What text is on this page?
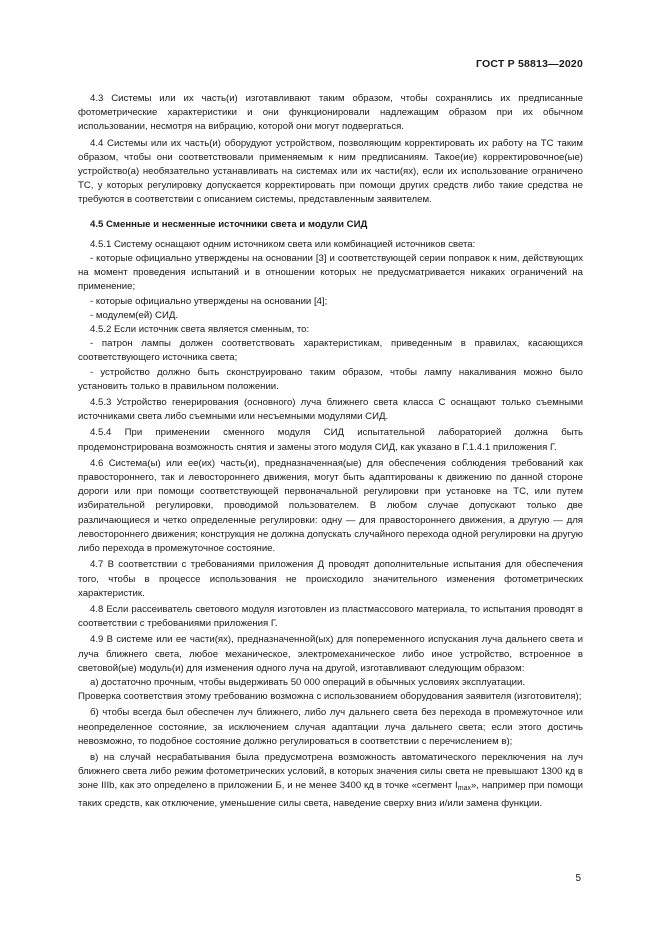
ГОСТ Р 58813—2020

4.3 Системы или их часть(и) изготавливают таким образом, чтобы сохранялись их предписанные фотометрические характеристики и они функционировали надлежащим образом при их обычном использовании, несмотря на вибрацию, которой они могут подвергаться.

4.4 Системы или их часть(и) оборудуют устройством, позволяющим корректировать их работу на ТС таким образом, чтобы они соответствовали применяемым к ним предписаниям. Такое(ие) корректировочное(ые) устройство(а) необязательно устанавливать на системах или их части(ях), если их использование ограничено ТС, у которых регулировку допускается корректировать при помощи других средств либо такие средства не требуются в соответствии с описанием системы, представленным заявителем.

4.5 Сменные и несменные источники света и модули СИД

4.5.1 Систему оснащают одним источником света или комбинацией источников света:

- которые официально утверждены на основании [3] и соответствующей серии поправок к ним, действующих на момент проведения испытаний и в отношении которых не предусматривается никаких ограничений на применение;

- которые официально утверждены на основании [4];

- модулем(ей) СИД.

4.5.2 Если источник света является сменным, то:

- патрон лампы должен соответствовать характеристикам, приведенным в правилах, касающихся соответствующего источника света;

- устройство должно быть сконструировано таким образом, чтобы лампу накаливания можно было установить только в правильном положении.

4.5.3 Устройство генерирования (основного) луча ближнего света класса С оснащают только съемными источниками света либо съемными или несъемными модулями СИД.

4.5.4 При применении сменного модуля СИД испытательной лабораторией должна быть продемонстрирована возможность снятия и замены этого модуля СИД, как указано в Г.1.4.1 приложения Г.

4.6 Система(ы) или ее(их) часть(и), предназначенная(ые) для обеспечения соблюдения требований как правостороннего, так и левостороннего движения, могут быть адаптированы к движению по данной стороне дороги или при помощи соответствующей первоначальной регулировки при установке на ТС, или путем избирательной регулировки, проводимой пользователем. В любом случае допускают только две различающиеся и четко определенные регулировки: одну — для правостороннего движения, а другую — для левостороннего движения; конструкция не должна допускать случайного перехода одной регулировки на другую либо перехода в промежуточное состояние.

4.7 В соответствии с требованиями приложения Д проводят дополнительные испытания для обеспечения того, чтобы в процессе использования не происходило значительного изменения фотометрических характеристик.

4.8 Если рассеиватель светового модуля изготовлен из пластмассового материала, то испытания проводят в соответствии с требованиями приложения Г.

4.9 В системе или ее части(ях), предназначенной(ых) для попеременного испускания луча дальнего света и луча ближнего света, любое механическое, электромеханическое либо иное устройство, встроенное в световой(ые) модуль(и) для изменения одного луча на другой, изготавливают следующим образом:

а) достаточно прочным, чтобы выдерживать 50 000 операций в обычных условиях эксплуатации.

Проверка соответствия этому требованию возможна с использованием оборудования заявителя (изготовителя);

б) чтобы всегда был обеспечен луч ближнего, либо луч дальнего света без перехода в промежуточное или неопределенное состояние, за исключением случая адаптации луча дальнего света; если этого достичь невозможно, то подобное состояние должно регулироваться в соответствии с перечислением в);

в) на случай несрабатывания была предусмотрена возможность автоматического переключения на луч ближнего света либо режим фотометрических условий, в которых значения силы света не превышают 1300 кд в зоне IIIb, как это определено в приложении Б, и не менее 3400 кд в точке «сегмент $I_{max}$», например при помощи таких средств, как отключение, уменьшение силы света, наведение сверху вниз и/или замена функции.

5
